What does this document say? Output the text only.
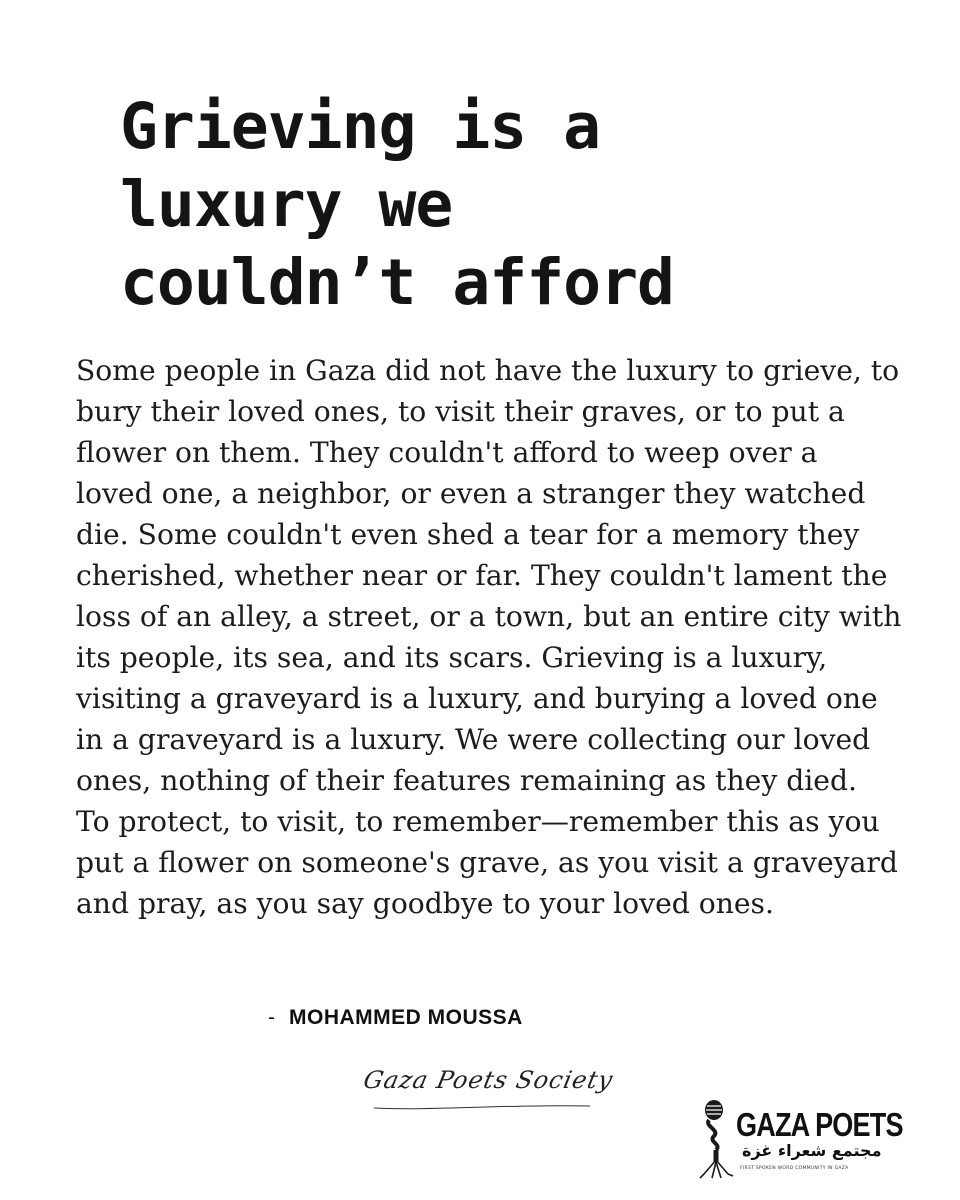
Grieving is a
luxury we
couldn’t afford
Some people in Gaza did not have the luxury to grieve, to
bury their loved ones, to visit their graves, or to put a
flower on them. They couldn't afford to weep over a
loved one, a neighbor, or even a stranger they watched
die. Some couldn't even shed a tear for a memory they
cherished, whether near or far. They couldn't lament the
loss of an alley, a street, or a town, but an entire city with
its people, its sea, and its scars. Grieving is a luxury,
visiting a graveyard is a luxury, and burying a loved one
in a graveyard is a luxury. We were collecting our loved
ones, nothing of their features remaining as they died.
To protect, to visit, to remember—remember this as you
put a flower on someone's grave, as you visit a graveyard
and pray, as you say goodbye to your loved ones.
- MOHAMMED MOUSSA
Gaza Poets Society
GAZA POETS
مجتمع شعراء غزة
FIRST SPOKEN WORD COMMUNITY IN GAZA
